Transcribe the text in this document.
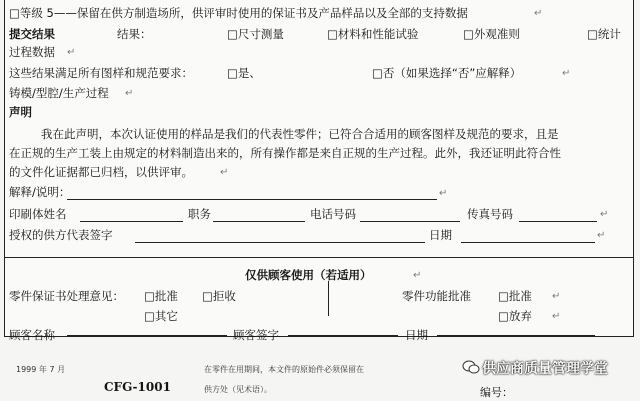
□等级 5——保留在供方制造场所，供评审时使用的保证书及产品样品以及全部的支持数据	↵
提交结果	结果：	□尺寸测量	□材料和性能试验	□外观准则	□统计
过程数据 ↵
这些结果满足所有图样和规范要求：	□是、	□否（如果选择“否”应解释）	↵
铸模/型腔/生产过程 ↵
声明
我在此声明，本次认证使用的样品是我们的代表性零件；已符合合适用的顾客图样及规范的要求，且是
在正规的生产工装上由规定的材料制造出来的，所有操作都是来自正规的生产过程。此外，我还证明此符合性
的文件化证据都已归档，以供评审。	↵
解释/说明：	↵
印刷体姓名	职务	电话号码	传真号码	↵
授权的供方代表签字	日期	↵
仅供顾客使用（若适用）	↵
零件保证书处理意见： □批准 □拒收	零件功能批准 □批准 ↵
□其它	□放弃 ↵
顾客名称	顾客签字	日期
1999 年 7 月
CFG-1001
在零件在用期间，本文件的原始件必须保留在
供方处（见术语）。	编号：
供应商质量管理学堂
